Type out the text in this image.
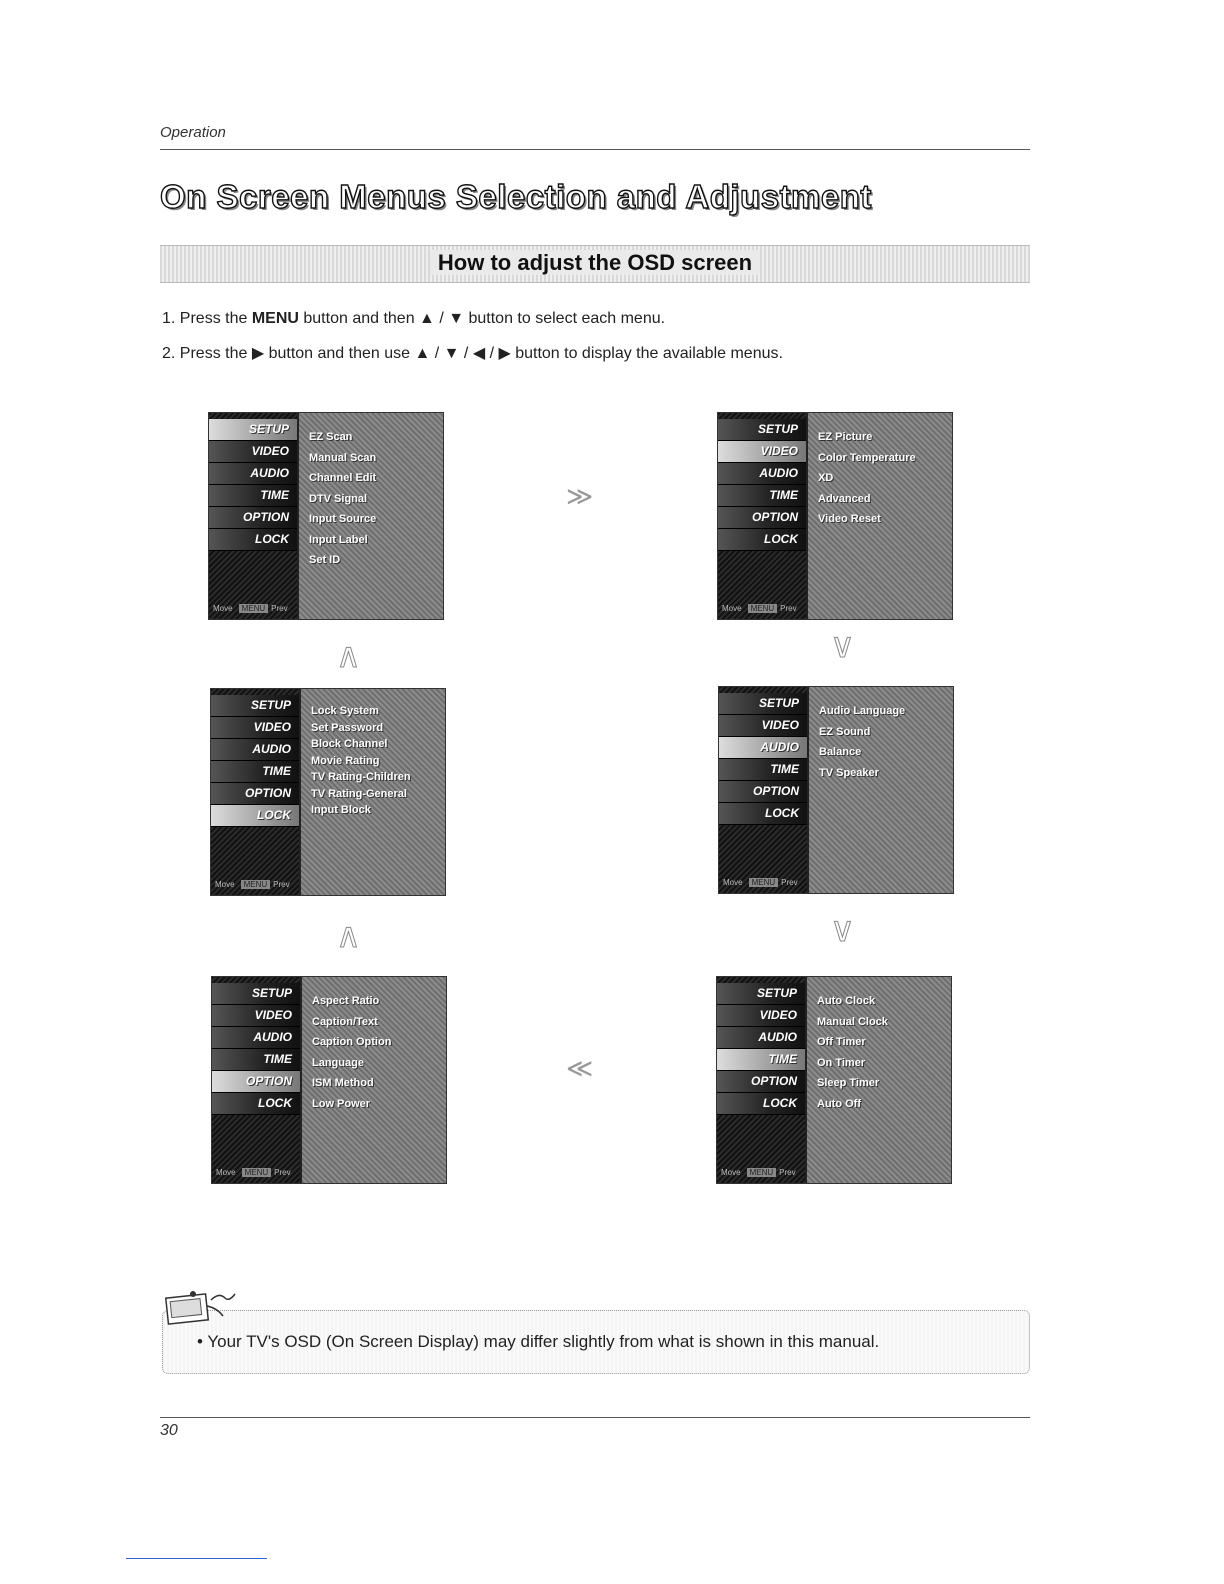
Operation
On Screen Menus Selection and Adjustment
How to adjust the OSD screen
1. Press the MENU button and then ▲ / ▼ button to select each menu.
2. Press the ▶ button and then use ▲ / ▼ / ◀ / ▶ button to display the available menus.
SETUP
VIDEO
AUDIO
TIME
OPTION
LOCK
Move MENU Prev
EZ Scan
Manual Scan
Channel Edit
DTV Signal
Input Source
Input Label
Set ID
SETUP
VIDEO
AUDIO
TIME
OPTION
LOCK
Move MENU Prev
EZ Picture
Color Temperature
XD
Advanced
Video Reset
SETUP
VIDEO
AUDIO
TIME
OPTION
LOCK
Move MENU Prev
Lock System
Set Password
Block Channel
Movie Rating
TV Rating-Children
TV Rating-General
Input Block
SETUP
VIDEO
AUDIO
TIME
OPTION
LOCK
Move MENU Prev
Audio Language
EZ Sound
Balance
TV Speaker
SETUP
VIDEO
AUDIO
TIME
OPTION
LOCK
Move MENU Prev
Aspect Ratio
Caption/Text
Caption Option
Language
ISM Method
Low Power
SETUP
VIDEO
AUDIO
TIME
OPTION
LOCK
Move MENU Prev
Auto Clock
Manual Clock
Off Timer
On Timer
Sleep Timer
Auto Off
≫
∨
∨
≪
∧
∧
• Your TV's OSD (On Screen Display) may differ slightly from what is shown in this manual.
30
